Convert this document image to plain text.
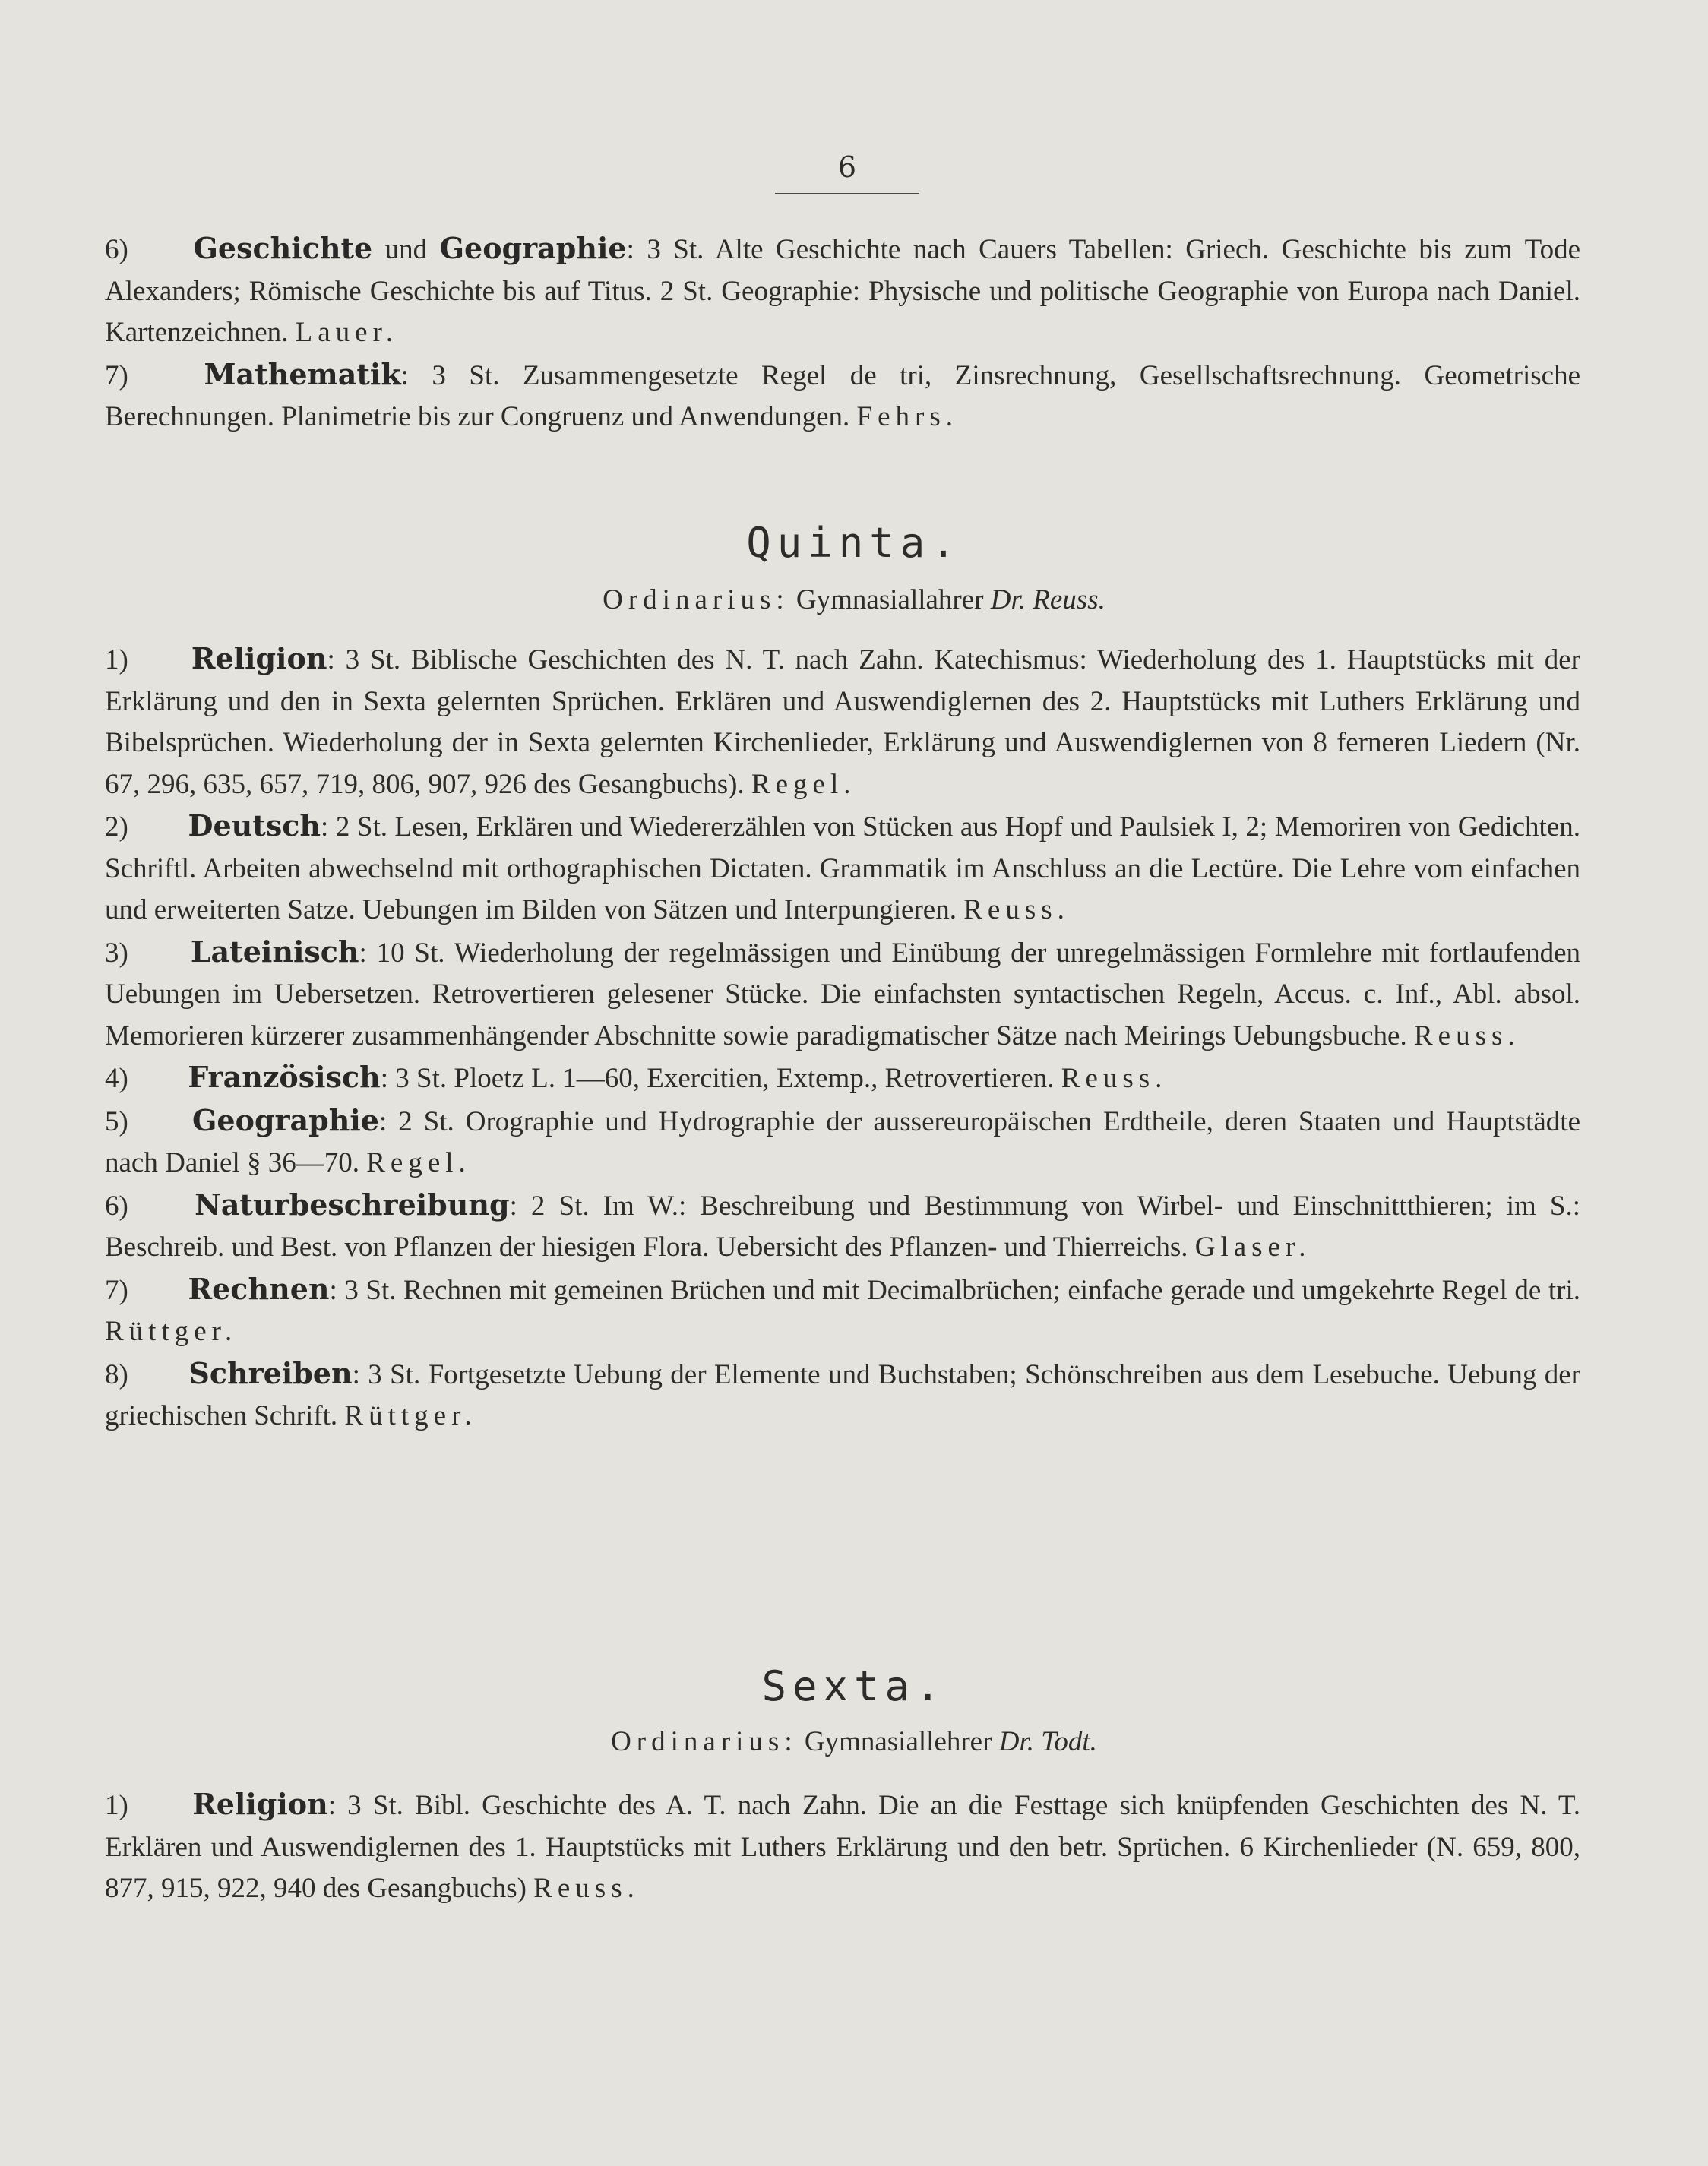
6

6) Geschichte und Geographie: 3 St. Alte Geschichte nach Cauers Tabellen: Griech. Geschichte bis zum Tode Alexanders; Römische Geschichte bis auf Titus. 2 St. Geographie: Physische und politische Geographie von Europa nach Daniel. Kartenzeichnen. Lauer.

7)	Mathematik: 3 St. Zusammengesetzte Regel de tri, Zinsrechnung, Gesellschaftsrechnung. Geometrische Berechnungen. Planimetrie bis zur Congruenz und Anwendungen. Fehrs.

Quinta.
Ordinarius: Gymnasiallahrer Dr. Reuss.

1) Religion: 3 St. Biblische Geschichten des N. T. nach Zahn. Katechismus: Wiederholung des 1. Hauptstücks mit der Erklärung und den in Sexta gelernten Sprüchen. Erklären und Auswendiglernen des 2. Hauptstücks mit Luthers Erklärung und Bibelsprüchen. Wiederholung der in Sexta gelernten Kirchenlieder, Erklärung und Auswendiglernen von 8 ferneren Liedern (Nr. 67, 296, 635, 657, 719, 806, 907, 926 des Gesangbuchs). Regel.

2) Deutsch: 2 St. Lesen, Erklären und Wiedererzählen von Stücken aus Hopf und Paulsiek I, 2; Memoriren von Gedichten. Schriftl. Arbeiten abwechselnd mit orthographischen Dictaten. Grammatik im Anschluss an die Lectüre. Die Lehre vom einfachen und erweiterten Satze. Uebungen im Bilden von Sätzen und Interpungieren. Reuss.

3) Lateinisch: 10 St. Wiederholung der regelmässigen und Einübung der unregelmässigen Formlehre mit fortlaufenden Uebungen im Uebersetzen. Retrovertieren gelesener Stücke. Die einfachsten syntactischen Regeln, Accus. c. Inf., Abl. absol. Memorieren kürzerer zusammenhängender Abschnitte sowie paradigmatischer Sätze nach Meirings Uebungsbuche. Reuss.

4) Französisch: 3 St. Ploetz L. 1—60, Exercitien, Extemp., Retrovertieren. Reuss.

5) Geographie: 2 St. Orographie und Hydrographie der aussereuropäischen Erdtheile, deren Staaten und Hauptstädte nach Daniel § 36—70. Regel.

6) Naturbeschreibung: 2 St. Im W.: Beschreibung und Bestimmung von Wirbel- und Einschnittthieren; im S.: Beschreib. und Best. von Pflanzen der hiesigen Flora. Uebersicht des Pflanzen- und Thierreichs. Glaser.

7) Rechnen: 3 St. Rechnen mit gemeinen Brüchen und mit Decimalbrüchen; einfache gerade und umgekehrte Regel de tri. Rüttger.

8) Schreiben: 3 St. Fortgesetzte Uebung der Elemente und Buchstaben; Schönschreiben aus dem Lesebuche. Uebung der griechischen Schrift. Rüttger.

Sexta.
Ordinarius: Gymnasiallehrer Dr. Todt.

1) Religion: 3 St. Bibl. Geschichte des A. T. nach Zahn. Die an die Festtage sich knüpfenden Geschichten des N. T. Erklären und Auswendiglernen des 1. Hauptstücks mit Luthers Erklärung und den betr. Sprüchen. 6 Kirchenlieder (N. 659, 800, 877, 915, 922, 940 des Gesangbuchs) Reuss.
